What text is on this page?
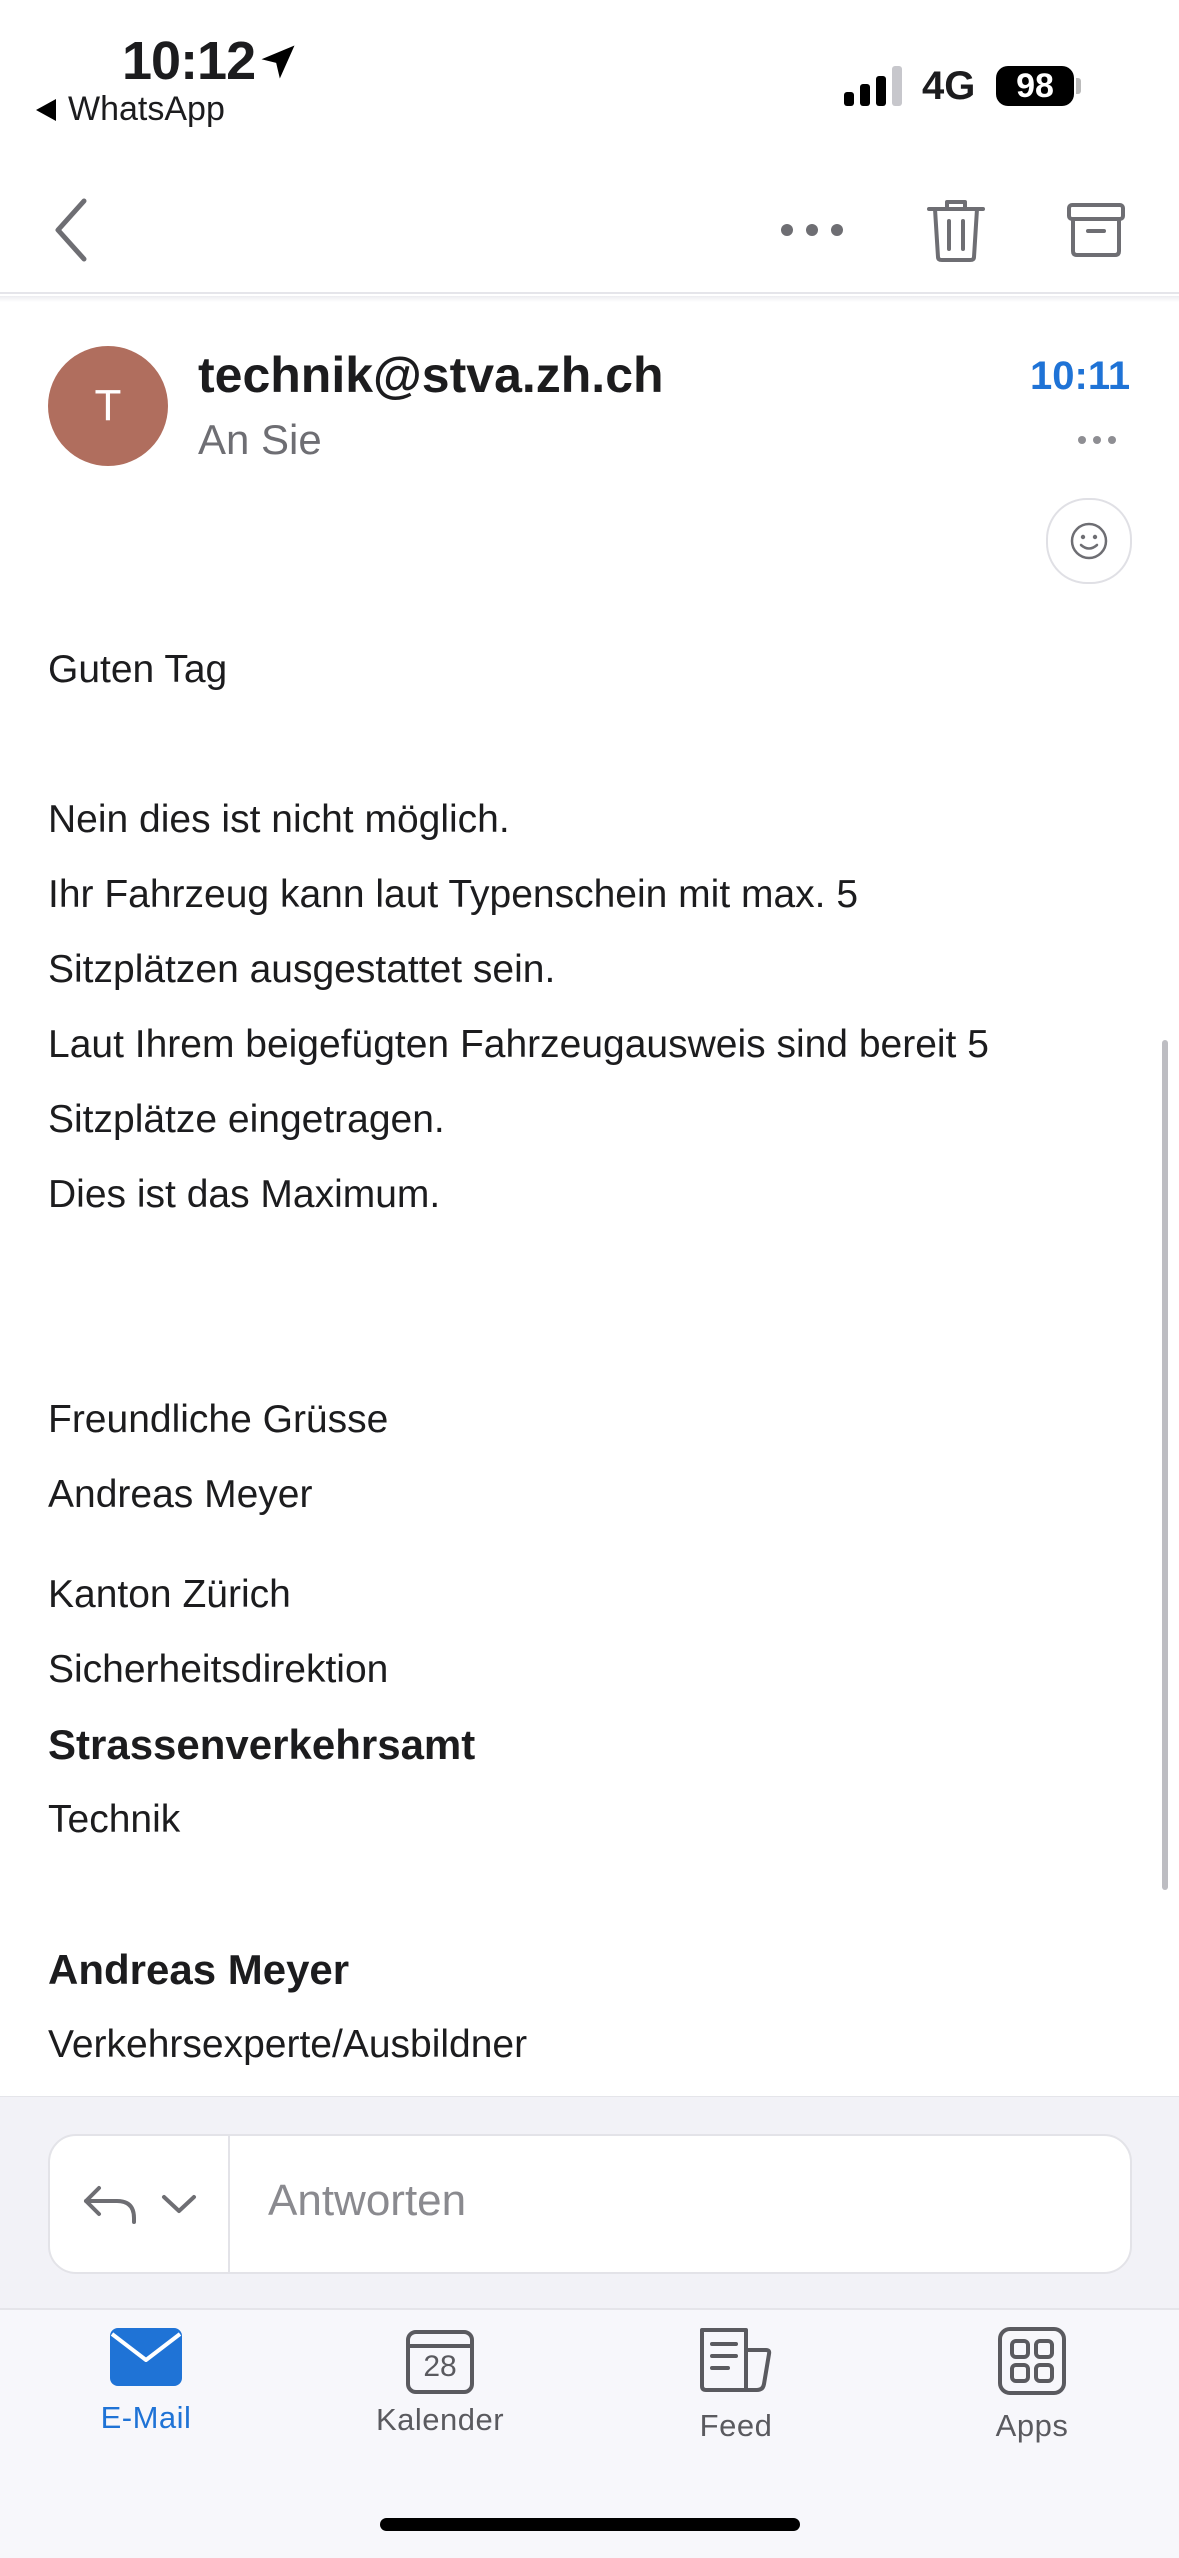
10:12
WhatsApp
4G	98
T
technik@stva.zh.ch
An Sie
10:11
Guten Tag
Nein dies ist nicht möglich.
Ihr Fahrzeug kann laut Typenschein mit max. 5
Sitzplätzen ausgestattet sein.
Laut Ihrem beigefügten Fahrzeugausweis sind bereit 5
Sitzplätze eingetragen.
Dies ist das Maximum.
Freundliche Grüsse
Andreas Meyer
Kanton Zürich
Sicherheitsdirektion
Strassenverkehrsamt
Technik
Andreas Meyer
Verkehrsexperte/Ausbildner
Antworten
E-Mail
28
Kalender	Feed	Apps
